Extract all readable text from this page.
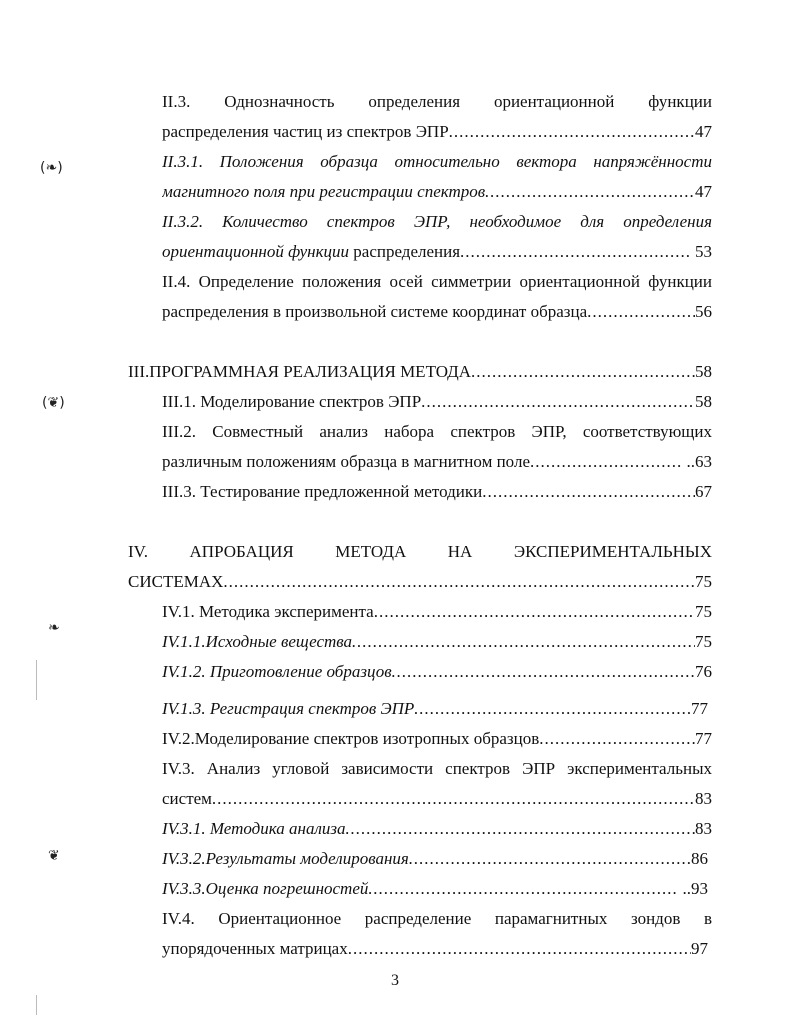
II.3. Однозначность определения ориентационной функции
распределения частиц из спектров ЭПР .....	47
II.3.1. Положения образца относительно вектора напряжённости
магнитного поля при регистрации спектров .....	47
II.3.2. Количество спектров ЭПР, необходимое для определения
ориентационной функции распределения .....	53
II.4. Определение положения осей симметрии ориентационной функции
распределения в произвольной системе координат образца .....	56
III.ПРОГРАММНАЯ РЕАЛИЗАЦИЯ МЕТОДА .....	58
III.1. Моделирование спектров ЭПР .....	58
III.2. Совместный анализ набора спектров ЭПР, соответствующих
различным положениям образца в магнитном поле .....	..63
III.3. Тестирование предложенной методики .....	67
IV. АПРОБАЦИЯ МЕТОДА НА ЭКСПЕРИМЕНТАЛЬНЫХ
СИСТЕМАХ .....	75
IV.1. Методика эксперимента .....	75
IV.1.1.Исходные вещества .....	75
IV.1.2. Приготовление образцов .....	76
IV.1.3. Регистрация спектров ЭПР .....	77
IV.2.Моделирование спектров изотропных образцов .....	77
IV.3. Анализ угловой зависимости спектров ЭПР экспериментальных
систем .....	83
IV.3.1. Методика анализа .....	83
IV.3.2.Результаты моделирования .....	86
IV.3.3.Оценка погрешностей .....	..93
IV.4. Ориентационное распределение парамагнитных зондов в
упорядоченных матрицах .....	97
3
(❧)
(❦)
❧
❦
